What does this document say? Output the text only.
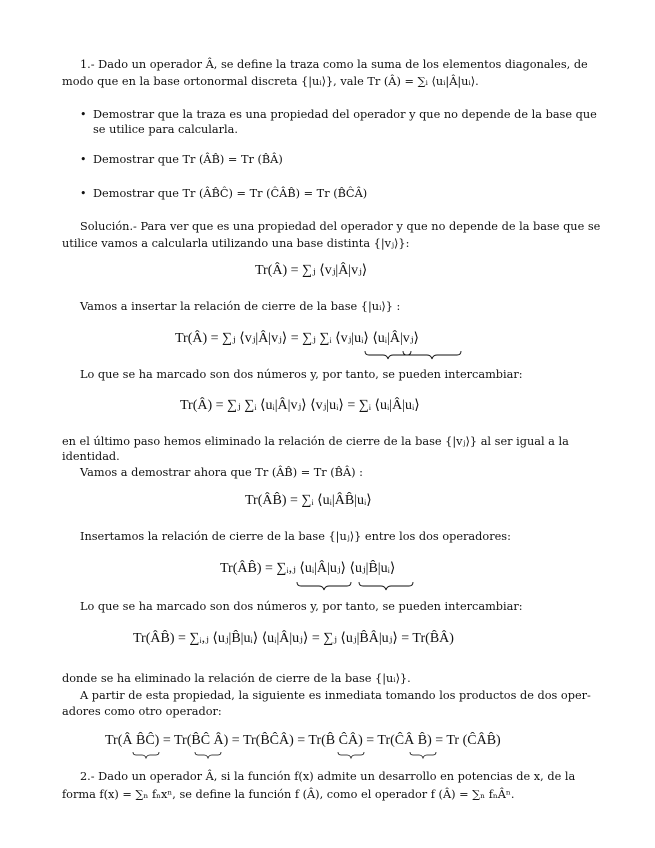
1.- Dado un operador Â, se define la traza como la suma de los elementos diagonales, de
modo que en la base ortonormal discreta {|uᵢ⟩}, vale Tr (Â) = ∑ᵢ ⟨uᵢ|Â|uᵢ⟩.
• Demostrar que la traza es una propiedad del operador y que no depende de la base que
se utilice para calcularla.
• Demostrar que Tr (ÂB̂) = Tr (B̂Â)
• Demostrar que Tr (ÂB̂Ĉ) = Tr (ĈÂB̂) = Tr (B̂ĈÂ)
Solución.- Para ver que es una propiedad del operador y que no depende de la base que se
utilice vamos a calcularla utilizando una base distinta {|vⱼ⟩}:
Tr(Â) = ∑ⱼ ⟨vⱼ|Â|vⱼ⟩
Vamos a insertar la relación de cierre de la base {|uᵢ⟩} :
Tr(Â) = ∑ⱼ ⟨vⱼ|Â|vⱼ⟩ = ∑ⱼ ∑ᵢ ⟨vⱼ|uᵢ⟩ ⟨uᵢ|Â|vⱼ⟩
Lo que se ha marcado son dos números y, por tanto, se pueden intercambiar:
Tr(Â) = ∑ⱼ ∑ᵢ ⟨uᵢ|Â|vⱼ⟩ ⟨vⱼ|uᵢ⟩ = ∑ᵢ ⟨uᵢ|Â|uᵢ⟩
en el último paso hemos eliminado la relación de cierre de la base {|vⱼ⟩} al ser igual a la
identidad.
Vamos a demostrar ahora que Tr (ÂB̂) = Tr (B̂Â) :
Tr(ÂB̂) = ∑ᵢ ⟨uᵢ|ÂB̂|uᵢ⟩
Insertamos la relación de cierre de la base {|uⱼ⟩} entre los dos operadores:
Tr(ÂB̂) = ∑ᵢ,ⱼ ⟨uᵢ|Â|uⱼ⟩ ⟨uⱼ|B̂|uᵢ⟩
Lo que se ha marcado son dos números y, por tanto, se pueden intercambiar:
Tr(ÂB̂) = ∑ᵢ,ⱼ ⟨uⱼ|B̂|uᵢ⟩ ⟨uᵢ|Â|uⱼ⟩ = ∑ⱼ ⟨uⱼ|B̂Â|uⱼ⟩ = Tr(B̂Â)
donde se ha eliminado la relación de cierre de la base {|uᵢ⟩}.
A partir de esta propiedad, la siguiente es inmediata tomando los productos de dos oper-
adores como otro operador:
Tr(Â B̂Ĉ) = Tr(B̂Ĉ Â) = Tr(B̂ĈÂ) = Tr(B̂ ĈÂ) = Tr(ĈÂ B̂) = Tr (ĈÂB̂)
2.- Dado un operador Â, si la función f(x) admite un desarrollo en potencias de x, de la
forma f(x) = ∑ₙ fₙxⁿ, se define la función f (Â), como el operador f (Â) = ∑ₙ fₙÂⁿ.
